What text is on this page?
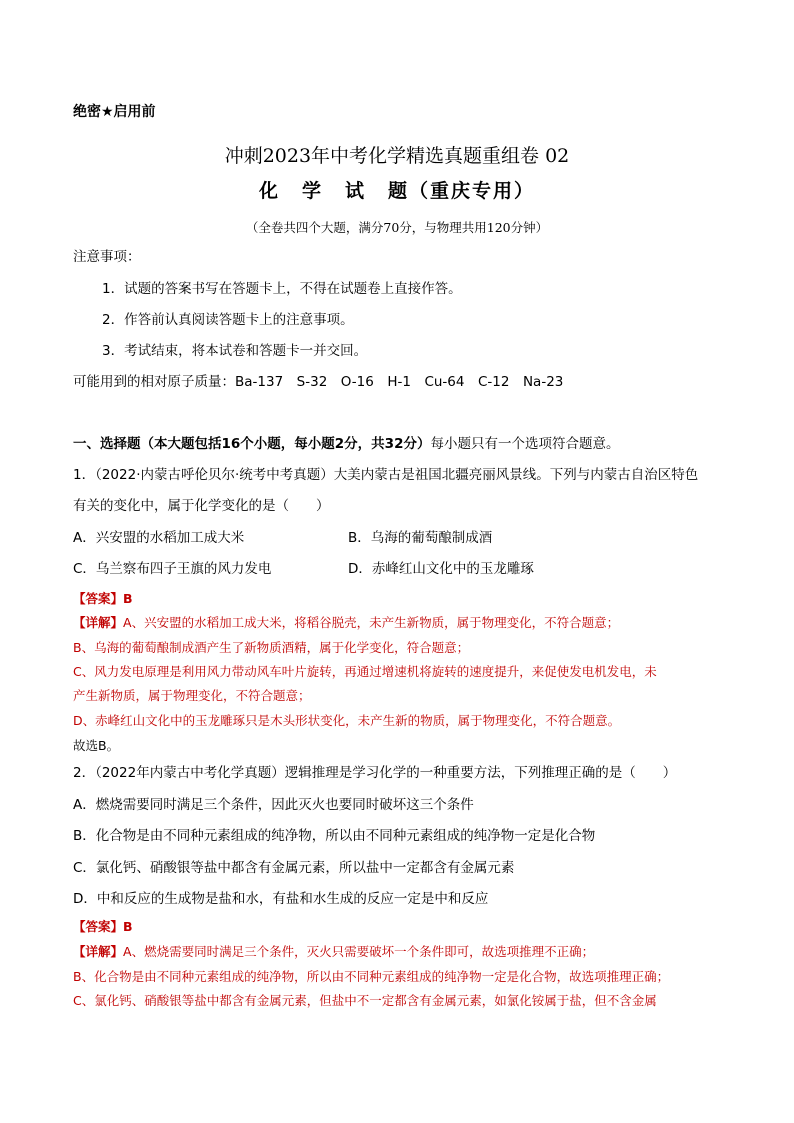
绝密★启用前
冲刺2023年中考化学精选真题重组卷 02
化 学 试 题（重庆专用）
（全卷共四个大题，满分70分，与物理共用120分钟）
注意事项：
1．试题的答案书写在答题卡上，不得在试题卷上直接作答。
2．作答前认真阅读答题卡上的注意事项。
3．考试结束，将本试卷和答题卡一并交回。
可能用到的相对原子质量：Ba-137　S-32　O-16　H-1　Cu-64　C-12　Na-23
一、选择题（本大题包括16个小题，每小题2分，共32分）每小题只有一个选项符合题意。
1．（2022·内蒙古呼伦贝尔·统考中考真题）大美内蒙古是祖国北疆亮丽风景线。下列与内蒙古自治区特色
有关的变化中，属于化学变化的是（　　）
A．兴安盟的水稻加工成大米	B．乌海的葡萄酿制成酒
C．乌兰察布四子王旗的风力发电	D．赤峰红山文化中的玉龙雕琢
【答案】B
【详解】A、兴安盟的水稻加工成大米，将稻谷脱壳，未产生新物质，属于物理变化，不符合题意；
B、乌海的葡萄酿制成酒产生了新物质酒精，属于化学变化，符合题意；
C、风力发电原理是利用风力带动风车叶片旋转，再通过增速机将旋转的速度提升，来促使发电机发电，未
产生新物质，属于物理变化，不符合题意；
D、赤峰红山文化中的玉龙雕琢只是木头形状变化，未产生新的物质，属于物理变化，不符合题意。
故选B。
2．（2022年内蒙古中考化学真题）逻辑推理是学习化学的一种重要方法，下列推理正确的是（　　）
A．燃烧需要同时满足三个条件，因此灭火也要同时破坏这三个条件
B．化合物是由不同种元素组成的纯净物，所以由不同种元素组成的纯净物一定是化合物
C．氯化钙、硝酸银等盐中都含有金属元素，所以盐中一定都含有金属元素
D．中和反应的生成物是盐和水，有盐和水生成的反应一定是中和反应
【答案】B
【详解】A、燃烧需要同时满足三个条件，灭火只需要破坏一个条件即可，故选项推理不正确；
B、化合物是由不同种元素组成的纯净物，所以由不同种元素组成的纯净物一定是化合物，故选项推理正确；
C、氯化钙、硝酸银等盐中都含有金属元素，但盐中不一定都含有金属元素，如氯化铵属于盐，但不含金属
